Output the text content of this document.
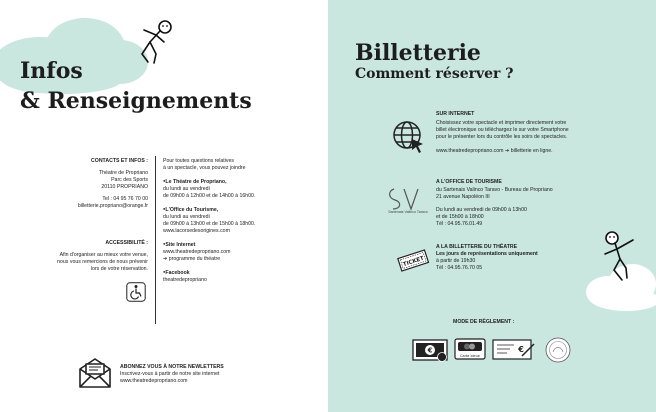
Infos
& Renseignements
CONTACTS ET INFOS :
Théatre de Propriano
Parc des Sports
20110 PROPRIANO
Tel : 04 95 76 70 00
billetterie.propriano@orange.fr
ACCESSIBILITÉ :
Afin d'organiser au mieux votre venue,
nous vous remercions de nous prévenir
lors de votre réservation.
Pour toutes questions relatives
à un spectacle, vous pouvez joindre
● Le Théatre de Propriano,
du lundi au vendredi
de 09h00 à 12h00 et de 14h00 à 16h00.
● L'Office du Tourisme,
du lundi au vendredi
de 09h00 à 13h00 et de 15h00 à 18h00.
www.lacorsedesorigines.com
● Site Internet
www.theatredepropriano.com
➔ programme du théatre
● Facebook
theatredepropriano
ABONNEZ VOUS À NOTRE NEWLETTERS
Inscrivez-vous à partir de notre site internet
www.theatredepropriano.com
Billetterie
Comment réserver ?
SUR INTERNET
Choisissez votre spectacle et imprimer directement votre
billet électronique ou téléchargez le sur votre Smartphone
pour le présenter lors du contrôle les soirs de spectacles.
www.theatredepropriano.com ➔ billetterie en ligne.
Sartenais Valinco Taravo
A L'OFFICE DE TOURISME
du Sartenais Valinco Taravo - Bureau de Propriano
21 avenue Napoléon III
Du lundi au vendredi de 09h00 à 13h00
et de 15h00 à 18h00
Tél : 04.95.76.01.49
TICKET
A LA BILLETTERIE DU THÉATRE
Les jours de représentations uniquement
à partir de 19h30
Tél : 04.95.76.70 05
MODE DE RÈGLEMENT :
€
Carte bleue
€
